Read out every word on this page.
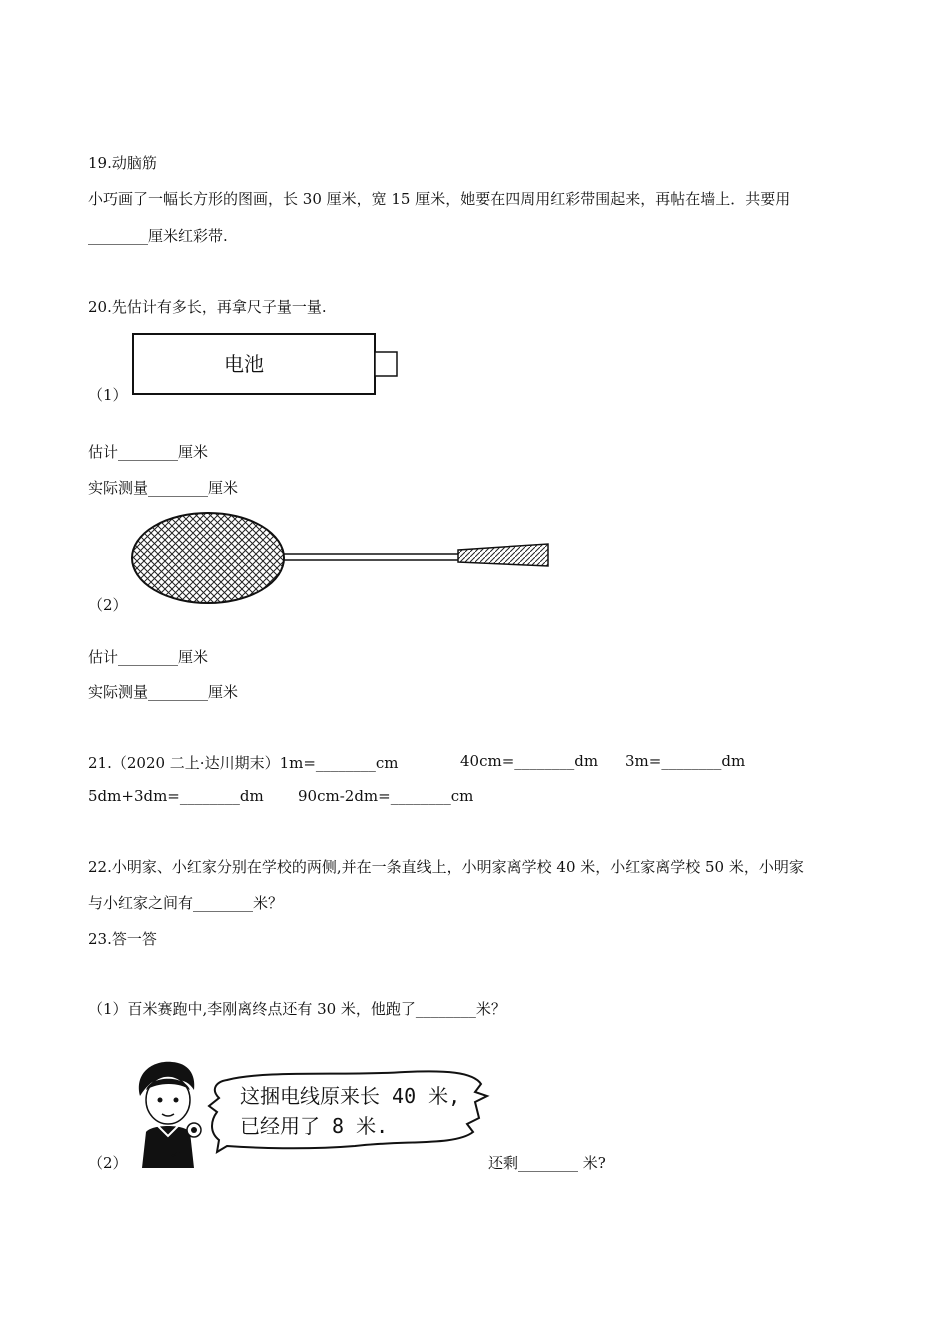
19.动脑筋
小巧画了一幅长方形的图画，长 30 厘米，宽 15 厘米，她要在四周用红彩带围起来，再帖在墙上．共要用
________厘米红彩带.
20.先估计有多长，再拿尺子量一量.
电池
（1）
估计________厘米
实际测量________厘米
（2）
估计________厘米
实际测量________厘米
21.（2020 二上·达川期末）1m=________cm	40cm=________dm 3m=________dm
5dm+3dm=________dm 90cm-2dm=________cm
22.小明家、小红家分别在学校的两侧,并在一条直线上，小明家离学校 40 米，小红家离学校 50 米，小明家
与小红家之间有________米？
23.答一答
（1）百米赛跑中,李刚离终点还有 30 米，他跑了________米？
这捆电线原来长 40 米,
已经用了 8 米.
（2）	还剩________ 米?
